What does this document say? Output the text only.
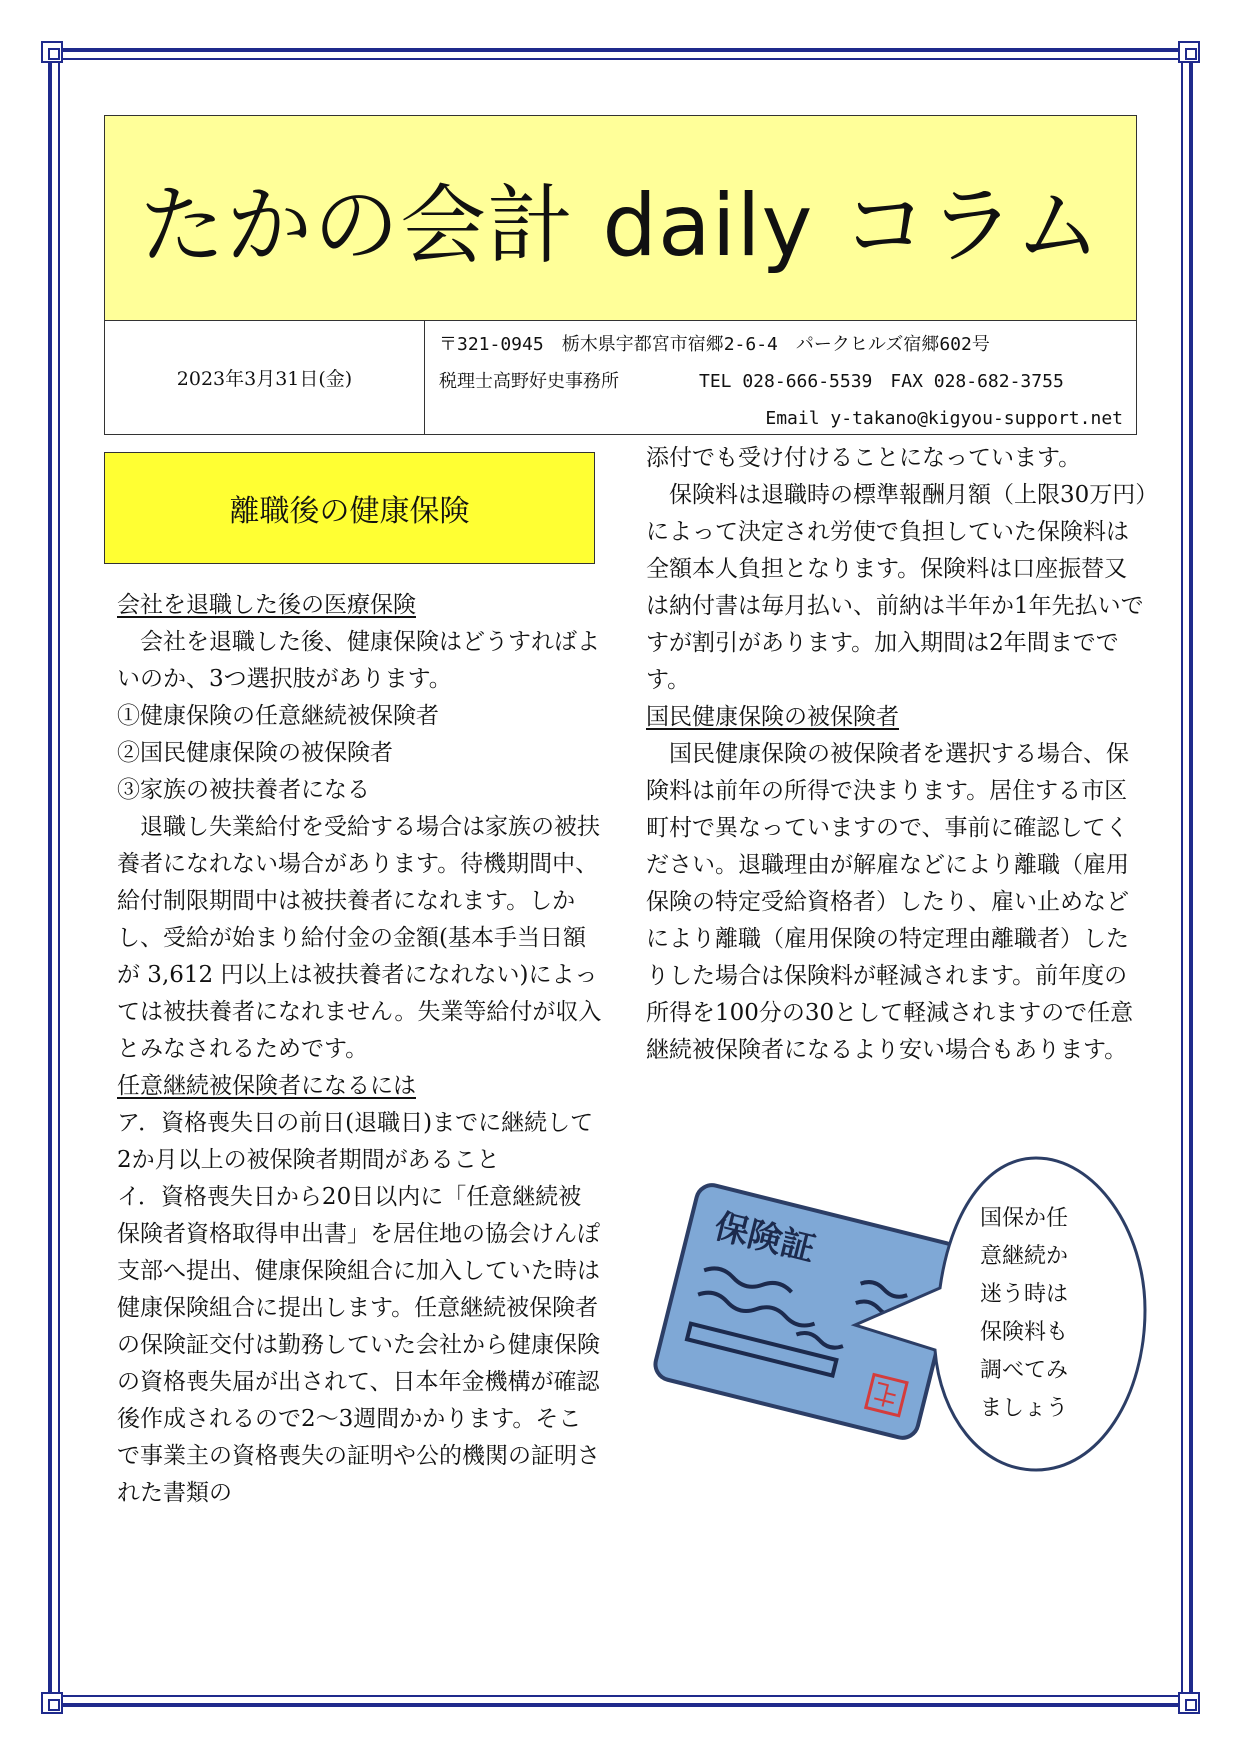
たかの会計 daily コラム
2023年3月31日(金)
〒321-0945　栃木県宇都宮市宿郷2-6-4　パークヒルズ宿郷602号
税理士高野好史事務所	TEL 028-666-5539　FAX 028-682-3755
Email y-takano@kigyou-support.net
離職後の健康保険

会社を退職した後の医療保険

会社を退職した後、健康保険はどうすればよいのか、3つ選択肢があります。

①健康保険の任意継続被保険者

②国民健康保険の被保険者

③家族の被扶養者になる

退職し失業給付を受給する場合は家族の被扶養者になれない場合があります。待機期間中、給付制限期間中は被扶養者になれます。しかし、受給が始まり給付金の金額(基本手当日額が 3,612 円以上は被扶養者になれない)によっては被扶養者になれません。失業等給付が収入とみなされるためです。

任意継続被保険者になるには

ア．資格喪失日の前日(退職日)までに継続して2か月以上の被保険者期間があること

イ．資格喪失日から20日以内に「任意継続被保険者資格取得申出書」を居住地の協会けんぽ支部へ提出、健康保険組合に加入していた時は健康保険組合に提出します。任意継続被保険者の保険証交付は勤務していた会社から健康保険の資格喪失届が出されて、日本年金機構が確認後作成されるので2〜3週間かかります。そこで事業主の資格喪失の証明や公的機関の証明された書類の

添付でも受け付けることになっています。

保険料は退職時の標準報酬月額（上限30万円）によって決定され労使で負担していた保険料は全額本人負担となります。保険料は口座振替又は納付書は毎月払い、前納は半年か1年先払いですが割引があります。加入期間は2年間までです。

国民健康保険の被保険者

国民健康保険の被保険者を選択する場合、保険料は前年の所得で決まります。居住する市区町村で異なっていますので、事前に確認してください。退職理由が解雇などにより離職（雇用保険の特定受給資格者）したり、雇い止めなどにより離職（雇用保険の特定理由離職者）したりした場合は保険料が軽減されます。前年度の所得を100分の30として軽減されますので任意継続被保険者になるより安い場合もあります。

保険証	国保か任
意継続か
迷う時は
保険料も
調べてみ
ましょう
